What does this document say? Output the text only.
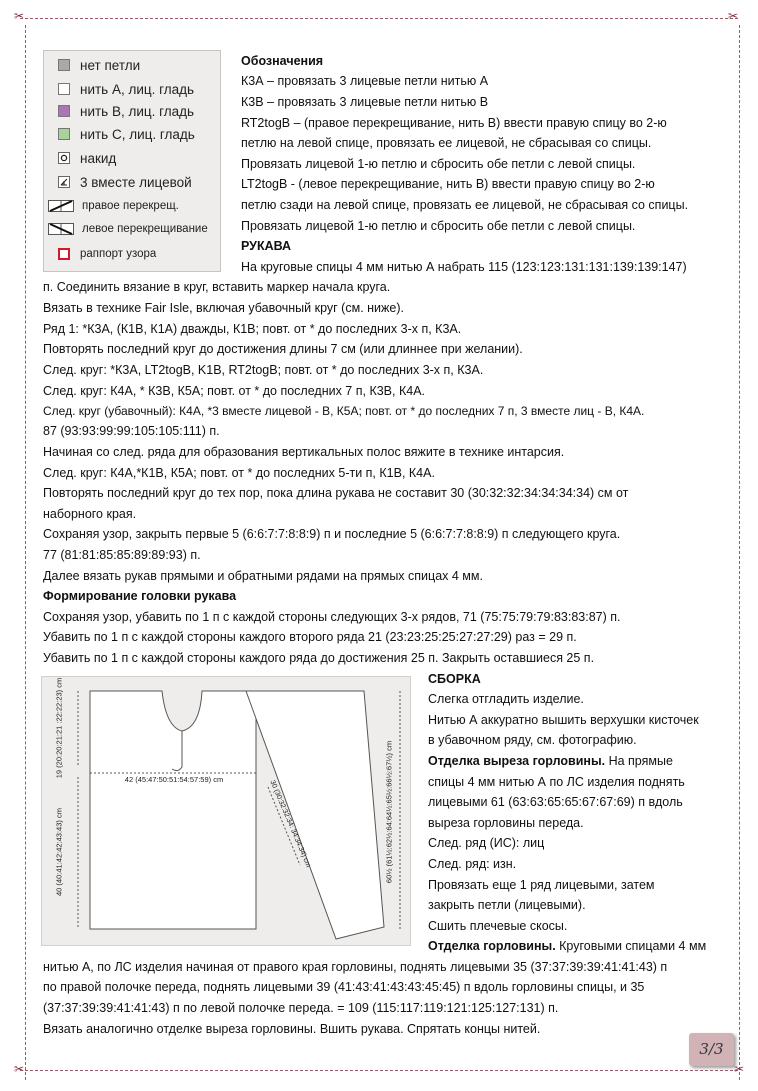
✂	✂
✂	✂
нет петли
нить А, лиц. гладь
нить В, лиц. гладь
нить С, лиц. гладь
накид
3 вместе лицевой
правое перекрещ.
левое перекрещивание
раппорт узора
Обозначения
К3А – провязать 3 лицевые петли нитью А
К3В – провязать 3 лицевые петли нитью В
RT2togB – (правое перекрещивание, нить В) ввести правую спицу во 2-ю
петлю на левой спице, провязать ее лицевой, не сбрасывая со спицы.
Провязать лицевой 1-ю петлю и сбросить обе петли с левой спицы.
LT2togB - (левое перекрещивание, нить В) ввести правую спицу во 2-ю
петлю сзади на левой спице, провязать ее лицевой, не сбрасывая со спицы.
Провязать лицевой 1-ю петлю и сбросить обе петли с левой спицы.
РУКАВА
На круговые спицы 4 мм нитью А набрать 115 (123:123:131:131:139:139:147)
п. Соединить вязание в круг, вставить маркер начала круга.
Вязать в технике Fair Isle, включая убавочный круг (см. ниже).
Ряд 1: *К3А, (К1В, К1А) дважды, К1В; повт. от * до последних 3-х п, К3А.
Повторять последний круг до достижения длины 7 см (или длиннее при желании).
След. круг: *К3А, LT2togB, K1B, RT2togB; повт. от * до последних 3-х п, К3А.
След. круг: К4А, * К3В, К5А; повт. от * до последних 7 п, К3В, К4А.
След. круг (убавочный): К4А, *3 вместе лицевой - В, К5А; повт. от * до последних 7 п, 3 вместе лиц - В, К4А.
87 (93:93:99:99:105:105:111) п.
Начиная со след. ряда для образования вертикальных полос вяжите в технике интарсия.
След. круг: К4А,*К1В, К5А; повт. от * до последних 5-ти п, К1В, К4А.
Повторять последний круг до тех пор, пока длина рукава не составит 30 (30:32:32:34:34:34:34) см от
наборного края.
Сохраняя узор, закрыть первые 5 (6:6:7:7:8:8:9) п и последние 5 (6:6:7:7:8:8:9) п следующего круга.
77 (81:81:85:85:89:89:93) п.
Далее вязать рукав прямыми и обратными рядами на прямых спицах 4 мм.
Формирование головки рукава
Сохраняя узор, убавить по 1 п с каждой стороны следующих 3-х рядов, 71 (75:75:79:79:83:83:87) п.
Убавить по 1 п с каждой стороны каждого второго ряда 21 (23:23:25:25:27:27:29) раз = 29 п.
Убавить по 1 п с каждой стороны каждого ряда до достижения 25 п. Закрыть оставшиеся 25 п.
19 (20:20:21:21 :22:22:23) cm
42 (45:47:50:51:54:57:59) cm
40 (40:41:42:42:43:43) cm	30 (30:32:32:34: 34:34:34) cm	60½ (61½:62½:64:64½:65½:66½:67½) cm
СБОРКА
Слегка отгладить изделие.
Нитью А аккуратно вышить верхушки кисточек
в убавочном ряду, см. фотографию.
Отделка выреза горловины. На прямые
спицы 4 мм нитью А по ЛС изделия поднять
лицевыми 61 (63:63:65:65:67:67:69) п вдоль
выреза горловины переда.
След. ряд (ИС): лиц
След. ряд: изн.
Провязать еще 1 ряд лицевыми, затем
закрыть петли (лицевыми).
Сшить плечевые скосы.
Отделка горловины. Круговыми спицами 4 мм
нитью А, по ЛС изделия начиная от правого края горловины, поднять лицевыми 35 (37:37:39:39:41:41:43) п
по правой полочке переда, поднять лицевыми 39 (41:43:41:43:43:45:45) п вдоль горловины спицы, и 35
(37:37:39:39:41:41:43) п по левой полочке переда. = 109 (115:117:119:121:125:127:131) п.
Вязать аналогично отделке выреза горловины. Вшить рукава. Спрятать концы нитей.
3/3
